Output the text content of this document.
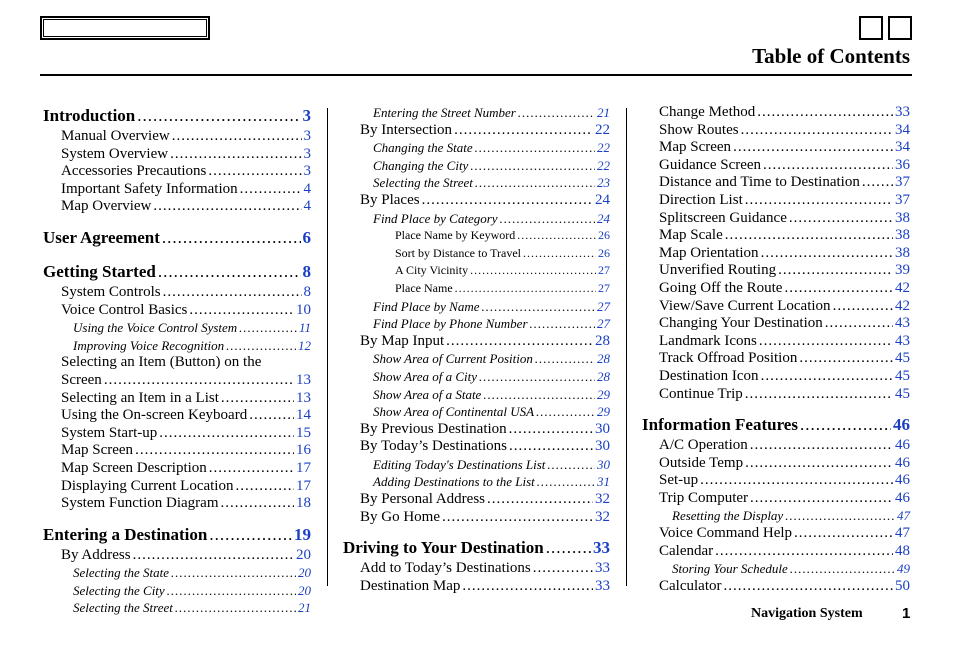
Table of Contents
Introduction .....	3
Manual Overview .....	3
System Overview .....	3
Accessories Precautions .....	3
Important Safety Information .....	4
Map Overview .....	4
User Agreement .....	6
Getting Started .....	8
System Controls .....	8
Voice Control Basics .....	10
Using the Voice Control System .....	11
Improving Voice Recognition .....	12
Selecting an Item (Button) on the
Screen .....	13
Selecting an Item in a List .....	13
Using the On-screen Keyboard .....	14
System Start-up .....	15
Map Screen .....	16
Map Screen Description .....	17
Displaying Current Location .....	17
System Function Diagram .....	18
Entering a Destination .....	19
By Address .....	20
Selecting the State .....	20
Selecting the City .....	20
Selecting the Street .....	21
Entering the Street Number .....	21
By Intersection .....	22
Changing the State .....	22
Changing the City .....	22
Selecting the Street .....	23
By Places .....	24
Find Place by Category .....	24
Place Name by Keyword .....	26
Sort by Distance to Travel .....	26
A City Vicinity .....	27
Place Name .....	27
Find Place by Name .....	27
Find Place by Phone Number .....	27
By Map Input .....	28
Show Area of Current Position .....	28
Show Area of a City .....	28
Show Area of a State .....	29
Show Area of Continental USA .....	29
By Previous Destination .....	30
By Today’s Destinations .....	30
Editing Today's Destinations List .....	30
Adding Destinations to the List .....	31
By Personal Address .....	32
By Go Home .....	32
Driving to Your Destination .....	33
Add to Today’s Destinations .....	33
Destination Map .....	33
Change Method .....	33
Show Routes .....	34
Map Screen .....	34
Guidance Screen .....	36
Distance and Time to Destination ..... 37
Direction List .....	37
Splitscreen Guidance .....	38
Map Scale .....	38
Map Orientation .....	38
Unverified Routing .....	39
Going Off the Route .....	42
View/Save Current Location .....	42
Changing Your Destination .....	43
Landmark Icons .....	43
Track Offroad Position .....	45
Destination Icon .....	45
Continue Trip .....	45
Information Features .....	46
A/C Operation .....	46
Outside Temp .....	46
Set-up .....	46
Trip Computer .....	46
Resetting the Display .....	47
Voice Command Help .....	47
Calendar .....	48
Storing Your Schedule .....	49
Calculator .....	50
Navigation System	1
